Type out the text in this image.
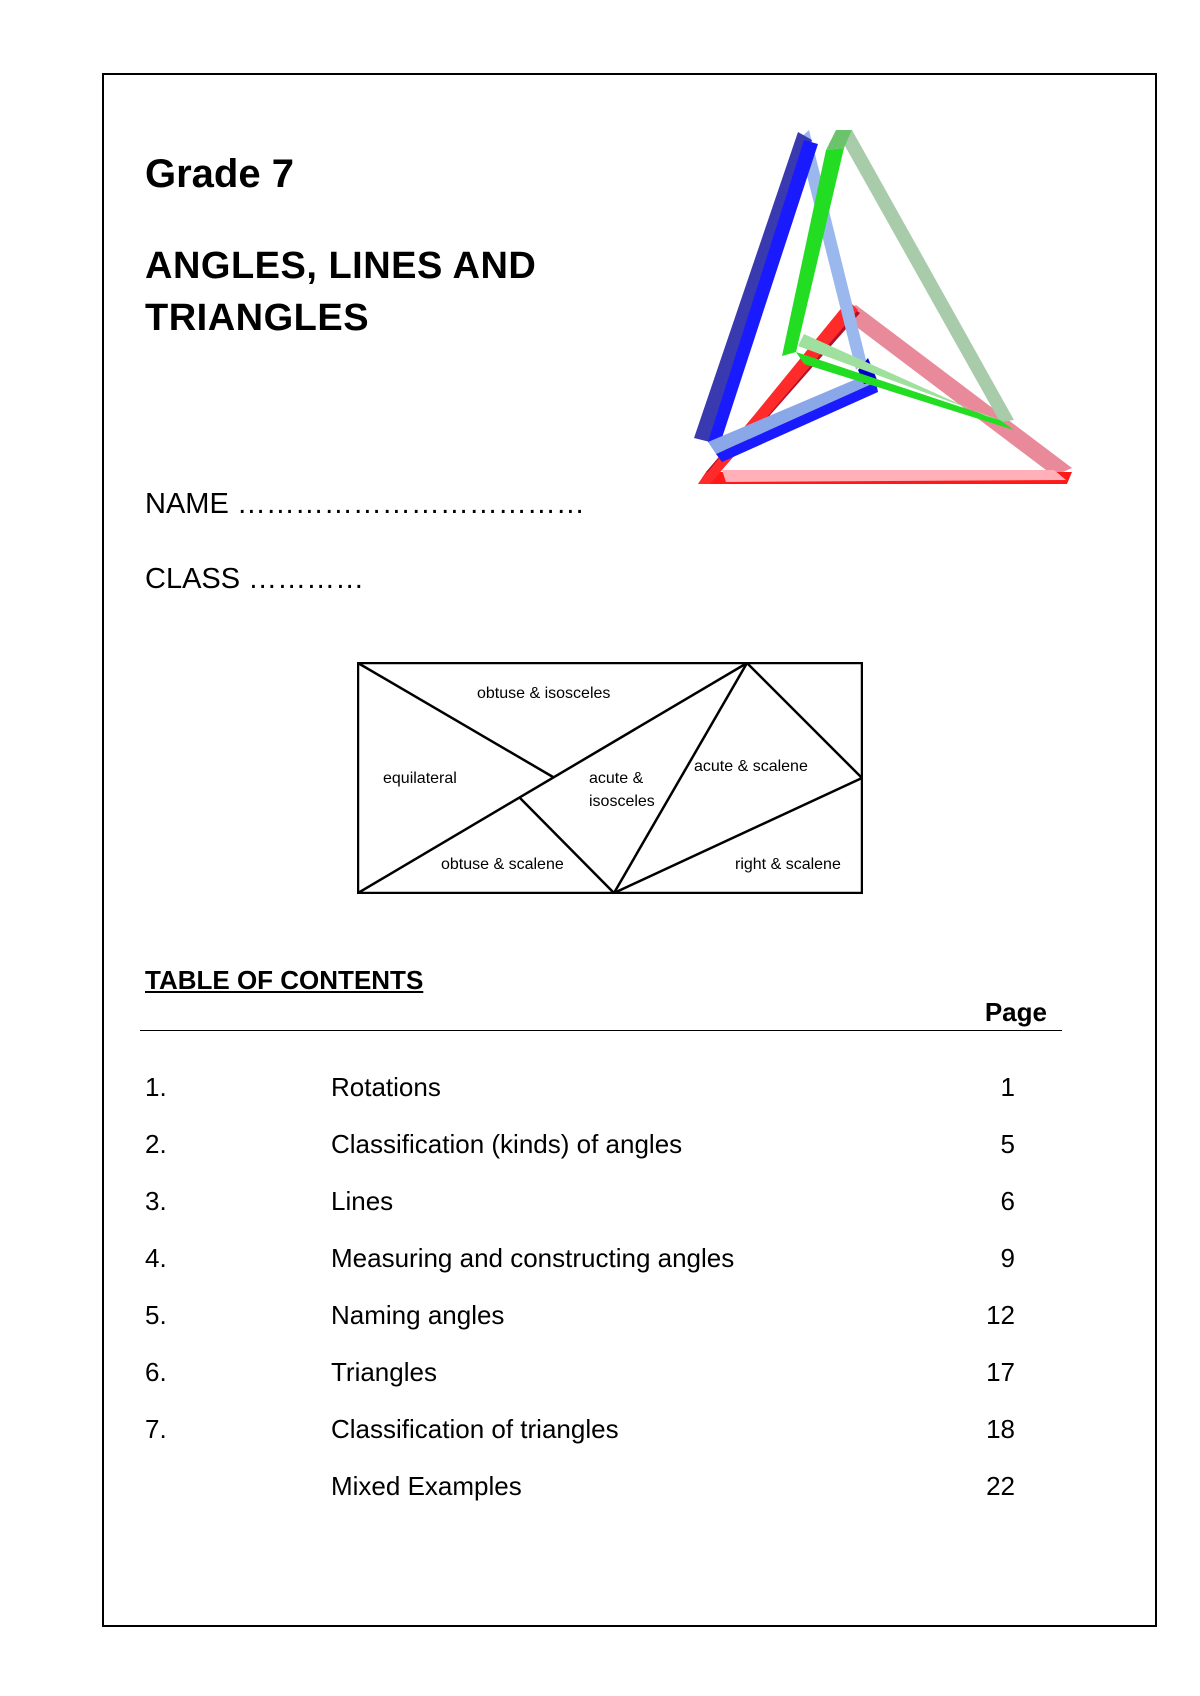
Grade 7
ANGLES, LINES AND
TRIANGLES
NAME ………………………………
CLASS …………
obtuse & isosceles
equilateral	acute &
isosceles
acute & scalene
obtuse & scalene	right & scalene
TABLE OF CONTENTS
Page
1.	Rotations	1
2.	Classification (kinds) of angles	5
3.	Lines	6
4.	Measuring and constructing angles	9
5.	Naming angles	12
6.	Triangles	17
7.	Classification of triangles	18
Mixed Examples	22
